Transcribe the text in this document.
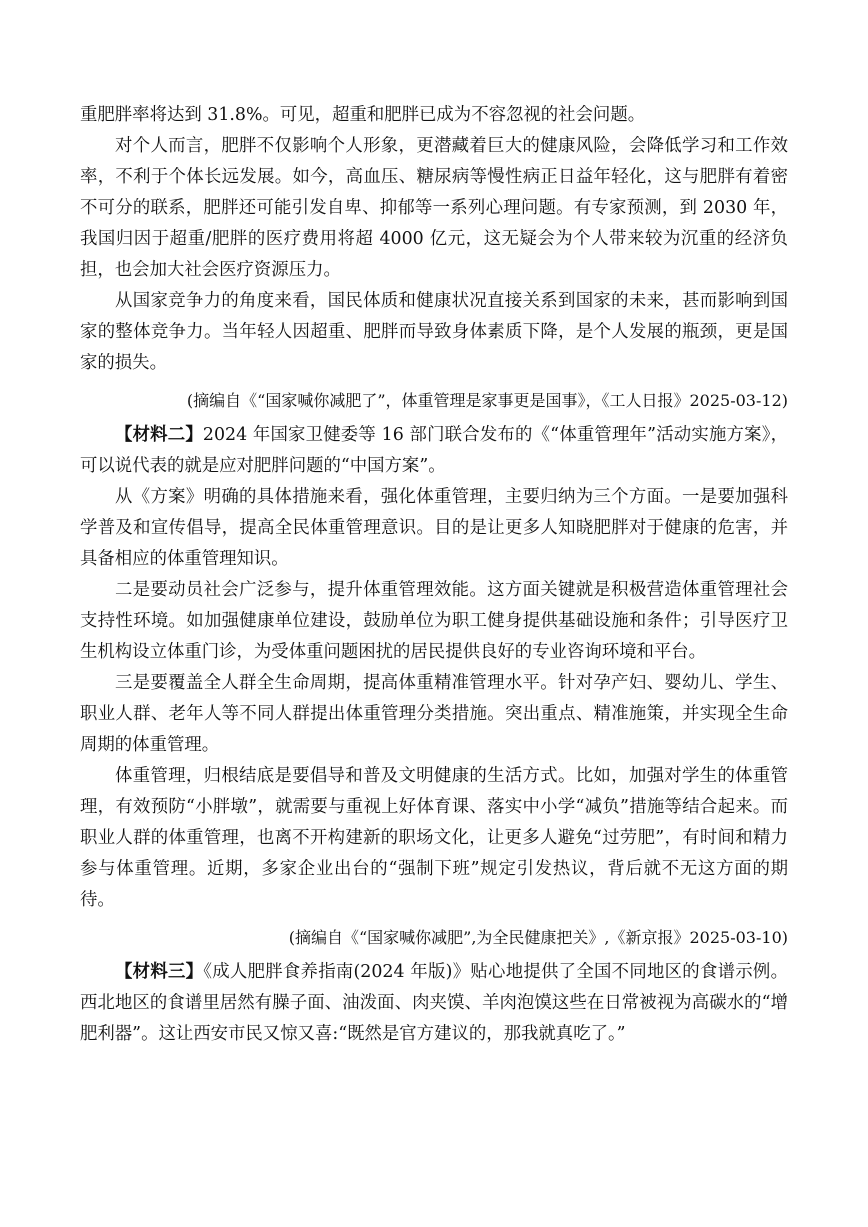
重肥胖率将达到 31.8%。可见，超重和肥胖已成为不容忽视的社会问题。

对个人而言，肥胖不仅影响个人形象，更潜藏着巨大的健康风险，会降低学习和工作效率，不利于个体长远发展。如今，高血压、糖尿病等慢性病正日益年轻化，这与肥胖有着密不可分的联系，肥胖还可能引发自卑、抑郁等一系列心理问题。有专家预测，到 2030 年，我国归因于超重/肥胖的医疗费用将超 4000 亿元，这无疑会为个人带来较为沉重的经济负担，也会加大社会医疗资源压力。

从国家竞争力的角度来看，国民体质和健康状况直接关系到国家的未来，甚而影响到国家的整体竞争力。当年轻人因超重、肥胖而导致身体素质下降，是个人发展的瓶颈，更是国家的损失。

(摘编自《“国家喊你减肥了”，体重管理是家事更是国事》，《工人日报》2025-03-12)

【材料二】2024 年国家卫健委等 16 部门联合发布的《“体重管理年”活动实施方案》，可以说代表的就是应对肥胖问题的“中国方案”。

从《方案》明确的具体措施来看，强化体重管理，主要归纳为三个方面。一是要加强科学普及和宣传倡导，提高全民体重管理意识。目的是让更多人知晓肥胖对于健康的危害，并具备相应的体重管理知识。

二是要动员社会广泛参与，提升体重管理效能。这方面关键就是积极营造体重管理社会支持性环境。如加强健康单位建设，鼓励单位为职工健身提供基础设施和条件；引导医疗卫生机构设立体重门诊，为受体重问题困扰的居民提供良好的专业咨询环境和平台。

三是要覆盖全人群全生命周期，提高体重精准管理水平。针对孕产妇、婴幼儿、学生、职业人群、老年人等不同人群提出体重管理分类措施。突出重点、精准施策，并实现全生命周期的体重管理。

体重管理，归根结底是要倡导和普及文明健康的生活方式。比如，加强对学生的体重管理，有效预防“小胖墩”，就需要与重视上好体育课、落实中小学“减负”措施等结合起来。而职业人群的体重管理，也离不开构建新的职场文化，让更多人避免“过劳肥”，有时间和精力参与体重管理。近期，多家企业出台的“强制下班”规定引发热议，背后就不无这方面的期待。

(摘编自《“国家喊你减肥”,为全民健康把关》,《新京报》2025-03-10)

【材料三】《成人肥胖食养指南(2024 年版)》贴心地提供了全国不同地区的食谱示例。西北地区的食谱里居然有臊子面、油泼面、肉夹馍、羊肉泡馍这些在日常被视为高碳水的“增肥利器”。这让西安市民又惊又喜:“既然是官方建议的，那我就真吃了。”
